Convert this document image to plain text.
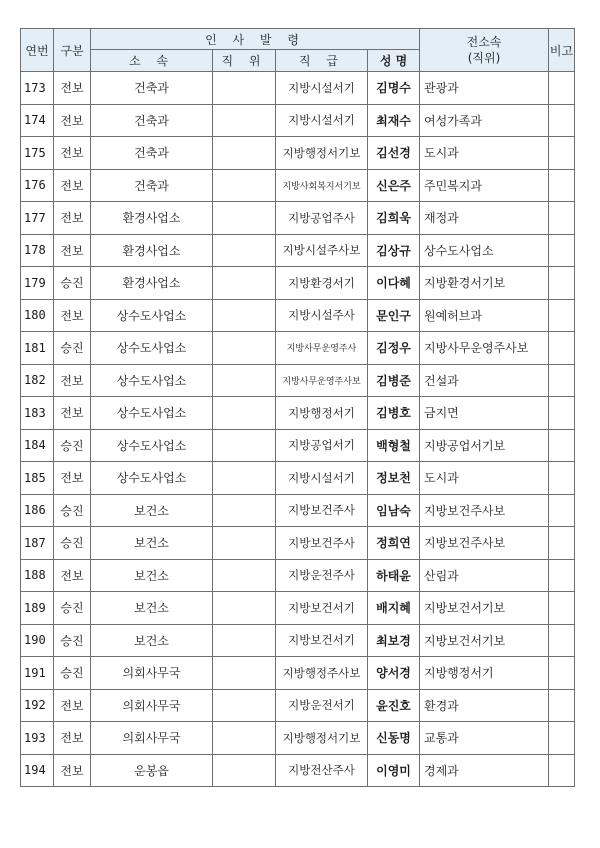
연번	구분	인 사 발 령				전소속
(직위)	비고
		소 속	직 위	직 급	성 명		
173	전보	건축과		지방시설서기	김명수	관광과	
174	전보	건축과		지방시설서기	최재수	여성가족과	
175	전보	건축과		지방행정서기보	김선경	도시과	
176	전보	건축과		지방사회복지서기보	신은주	주민복지과	
177	전보	환경사업소		지방공업주사	김희욱	재정과	
178	전보	환경사업소		지방시설주사보	김상규	상수도사업소	
179	승진	환경사업소		지방환경서기	이다혜	지방환경서기보	
180	전보	상수도사업소		지방시설주사	문인구	원예허브과	
181	승진	상수도사업소		지방사무운영주사	김정우	지방사무운영주사보	
182	전보	상수도사업소		지방사무운영주사보	김병준	건설과	
183	전보	상수도사업소		지방행정서기	김병호	금지면	
184	승진	상수도사업소		지방공업서기	백형철	지방공업서기보	
185	전보	상수도사업소		지방시설서기	정보천	도시과	
186	승진	보건소		지방보건주사	임남숙	지방보건주사보	
187	승진	보건소		지방보건주사	정희연	지방보건주사보	
188	전보	보건소		지방운전주사	하태윤	산림과	
189	승진	보건소		지방보건서기	배지혜	지방보건서기보	
190	승진	보건소		지방보건서기	최보경	지방보건서기보	
191	승진	의회사무국		지방행정주사보	양서경	지방행정서기	
192	전보	의회사무국		지방운전서기	윤진호	환경과	
193	전보	의회사무국		지방행정서기보	신동명	교통과	
194	전보	운봉읍		지방전산주사	이영미	경제과	
